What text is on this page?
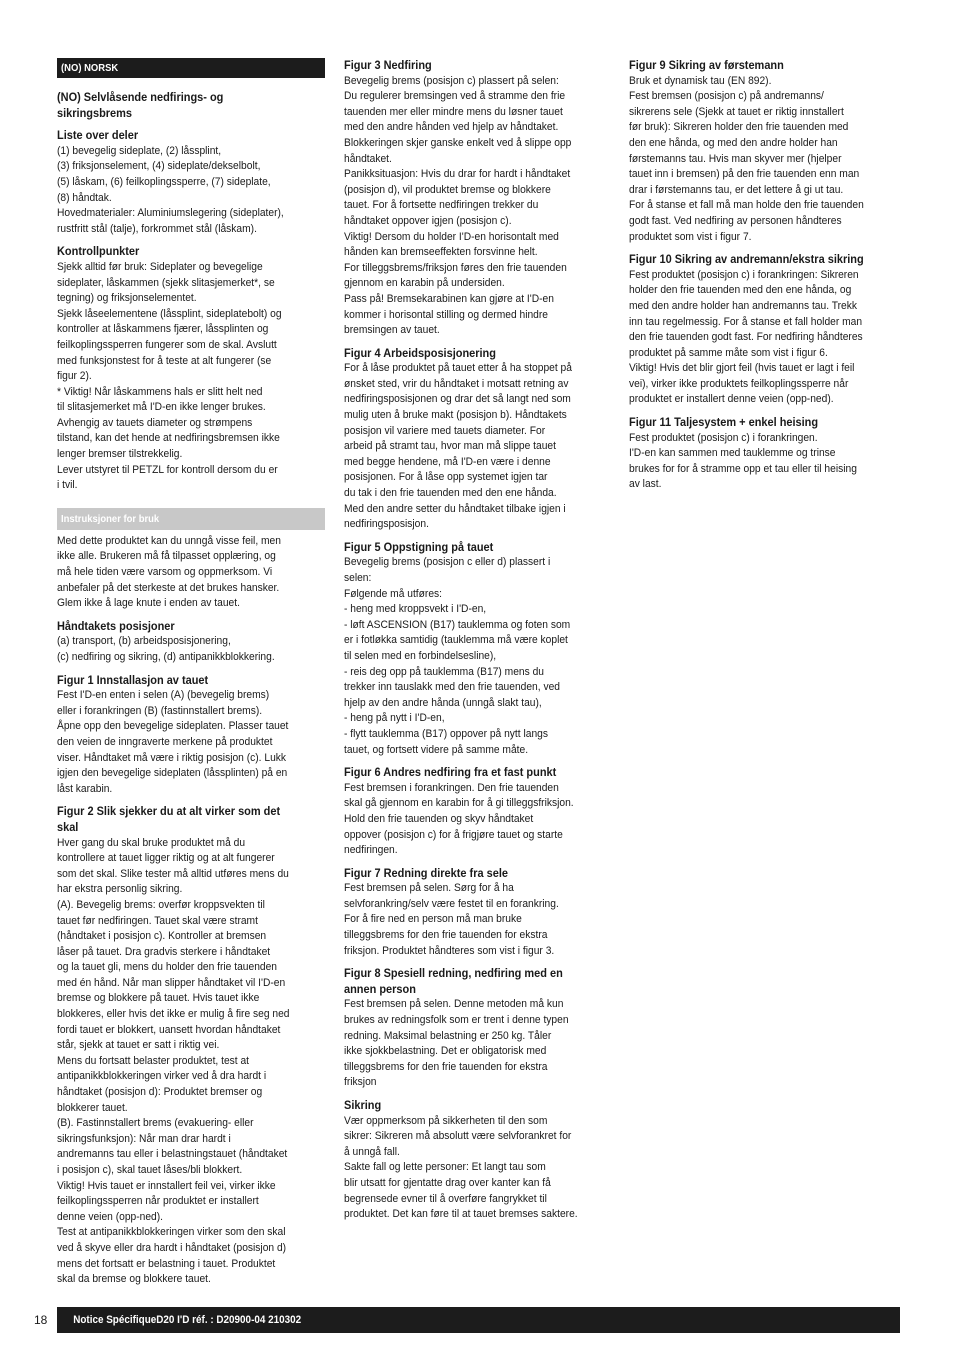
(NO) NORSK

(NO) Selvlåsende nedfirings- og
sikringsbrems

Liste over deler

(1) bevegelig sideplate, (2) låssplint,
(3) friksjonselement, (4) sideplate/dekselbolt,
(5) låskam, (6) feilkoplingssperre, (7) sideplate,
(8) håndtak.
Hovedmaterialer: Aluminiumslegering (sideplater),
rustfritt stål (talje), forkrommet stål (låskam).

Kontrollpunkter

Sjekk alltid før bruk: Sideplater og bevegelige
sideplater, låskammen (sjekk slitasjemerket*, se
tegning) og friksjonselementet.
Sjekk låseelementene (låssplint, sideplatebolt) og
kontroller at låskammens fjærer, låssplinten og
feilkoplingssperren fungerer som de skal. Avslutt
med funksjonstest for å teste at alt fungerer (se
figur 2).
* Viktig! Når låskammens hals er slitt helt ned
til slitasjemerket må I'D-en ikke lenger brukes.
Avhengig av tauets diameter og strømpens
tilstand, kan det hende at nedfiringsbremsen ikke
lenger bremser tilstrekkelig.
Lever utstyret til PETZL for kontroll dersom du er
i tvil.

Instruksjoner for bruk

Med dette produktet kan du unngå visse feil, men
ikke alle. Brukeren må få tilpasset opplæring, og
må hele tiden være varsom og oppmerksom. Vi
anbefaler på det sterkeste at det brukes hansker.
Glem ikke å lage knute i enden av tauet.

Håndtakets posisjoner

(a) transport, (b) arbeidsposisjonering,
(c) nedfiring og sikring, (d) antipanikkblokkering.

Figur 1 Innstallasjon av tauet

Fest I'D-en enten i selen (A) (bevegelig brems)
eller i forankringen (B) (fastinnstallert brems).
Åpne opp den bevegelige sideplaten. Plasser tauet
den veien de inngraverte merkene på produktet
viser. Håndtaket må være i riktig posisjon (c). Lukk
igjen den bevegelige sideplaten (låssplinten) på en
låst karabin.

Figur 2 Slik sjekker du at alt virker som det
skal

Hver gang du skal bruke produktet må du
kontrollere at tauet ligger riktig og at alt fungerer
som det skal. Slike tester må alltid utføres mens du
har ekstra personlig sikring.
(A). Bevegelig brems: overfør kroppsvekten til
tauet før nedfiringen. Tauet skal være stramt
(håndtaket i posisjon c). Kontroller at bremsen
låser på tauet. Dra gradvis sterkere i håndtaket
og la tauet gli, mens du holder den frie tauenden
med én hånd. Når man slipper håndtaket vil I'D-en
bremse og blokkere på tauet. Hvis tauet ikke
blokkeres, eller hvis det ikke er mulig å fire seg ned
fordi tauet er blokkert, uansett hvordan håndtaket
står, sjekk at tauet er satt i riktig vei.
Mens du fortsatt belaster produktet, test at
antipanikkblokkeringen virker ved å dra hardt i
håndtaket (posisjon d): Produktet bremser og
blokkerer tauet.
(B). Fastinnstallert brems (evakuering- eller
sikringsfunksjon): Når man drar hardt i
andremanns tau eller i belastningstauet (håndtaket
i posisjon c), skal tauet låses/bli blokkert.
Viktig! Hvis tauet er innstallert feil vei, virker ikke
feilkoplingssperren når produktet er installert
denne veien (opp-ned).
Test at antipanikkblokkeringen virker som den skal
ved å skyve eller dra hardt i håndtaket (posisjon d)
mens det fortsatt er belastning i tauet. Produktet
skal da bremse og blokkere tauet.

Figur 3 Nedfiring

Bevegelig brems (posisjon c) plassert på selen:
Du regulerer bremsingen ved å stramme den frie
tauenden mer eller mindre mens du løsner tauet
med den andre hånden ved hjelp av håndtaket.
Blokkeringen skjer ganske enkelt ved å slippe opp
håndtaket.
Panikksituasjon: Hvis du drar for hardt i håndtaket
(posisjon d), vil produktet bremse og blokkere
tauet. For å fortsette nedfiringen trekker du
håndtaket oppover igjen (posisjon c).
Viktig! Dersom du holder I'D-en horisontalt med
hånden kan bremseeffekten forsvinne helt.
For tilleggsbrems/friksjon føres den frie tauenden
gjennom en karabin på undersiden.
Pass på! Bremsekarabinen kan gjøre at I'D-en
kommer i horisontal stilling og dermed hindre
bremsingen av tauet.

Figur 4 Arbeidsposisjonering

For å låse produktet på tauet etter å ha stoppet på
ønsket sted, vrir du håndtaket i motsatt retning av
nedfiringsposisjonen og drar det så langt ned som
mulig uten å bruke makt (posisjon b). Håndtakets
posisjon vil variere med tauets diameter. For
arbeid på stramt tau, hvor man må slippe tauet
med begge hendene, må I'D-en være i denne
posisjonen. For å låse opp systemet igjen tar
du tak i den frie tauenden med den ene hånda.
Med den andre setter du håndtaket tilbake igjen i
nedfiringsposisjon.

Figur 5 Oppstigning på tauet

Bevegelig brems (posisjon c eller d) plassert i
selen:
Følgende må utføres:
- heng med kroppsvekt i I'D-en,
- løft ASCENSION (B17) tauklemma og foten som
er i fotløkka samtidig (tauklemma må være koplet
til selen med en forbindelsesline),
- reis deg opp på tauklemma (B17) mens du
trekker inn tauslakk med den frie tauenden, ved
hjelp av den andre hånda (unngå slakt tau),
- heng på nytt i I'D-en,
- flytt tauklemma (B17) oppover på nytt langs
tauet, og fortsett videre på samme måte.

Figur 6 Andres nedfiring fra et fast punkt

Fest bremsen i forankringen. Den frie tauenden
skal gå gjennom en karabin for å gi tilleggsfriksjon.
Hold den frie tauenden og skyv håndtaket
oppover (posisjon c) for å frigjøre tauet og starte
nedfiringen.

Figur 7 Redning direkte fra sele

Fest bremsen på selen. Sørg for å ha
selvforankring/selv være festet til en forankring.
For å fire ned en person må man bruke
tilleggsbrems for den frie tauenden for ekstra
friksjon. Produktet håndteres som vist i figur 3.

Figur 8 Spesiell redning, nedfiring med en
annen person

Fest bremsen på selen. Denne metoden må kun
brukes av redningsfolk som er trent i denne typen
redning. Maksimal belastning er 250 kg. Tåler
ikke sjokkbelastning. Det er obligatorisk med
tilleggsbrems for den frie tauenden for ekstra
friksjon

Sikring

Vær oppmerksom på sikkerheten til den som
sikrer: Sikreren må absolutt være selvforankret for
å unngå fall.
Sakte fall og lette personer: Et langt tau som
blir utsatt for gjentatte drag over kanter kan få
begrensede evner til å overføre fangrykket til
produktet. Det kan føre til at tauet bremses saktere.

Figur 9 Sikring av førstemann

Bruk et dynamisk tau (EN 892).
Fest bremsen (posisjon c) på andremanns/
sikrerens sele (Sjekk at tauet er riktig innstallert
før bruk): Sikreren holder den frie tauenden med
den ene hånda, og med den andre holder han
førstemanns tau. Hvis man skyver mer (hjelper
tauet inn i bremsen) på den frie tauenden enn man
drar i førstemanns tau, er det lettere å gi ut tau.
For å stanse et fall må man holde den frie tauenden
godt fast. Ved nedfiring av personen håndteres
produktet som vist i figur 7.

Figur 10 Sikring av andremann/ekstra sikring

Fest produktet (posisjon c) i forankringen: Sikreren
holder den frie tauenden med den ene hånda, og
med den andre holder han andremanns tau. Trekk
inn tau regelmessig. For å stanse et fall holder man
den frie tauenden godt fast. For nedfiring håndteres
produktet på samme måte som vist i figur 6.
Viktig! Hvis det blir gjort feil (hvis tauet er lagt i feil
vei), virker ikke produktets feilkoplingssperre når
produktet er installert denne veien (opp-ned).

Figur 11 Taljesystem + enkel heising

Fest produktet (posisjon c) i forankringen.
I'D-en kan sammen med tauklemme og trinse
brukes for for å stramme opp et tau eller til heising
av last.

18	Notice SpécifiqueD20 I'D réf. : D20900-04 210302
